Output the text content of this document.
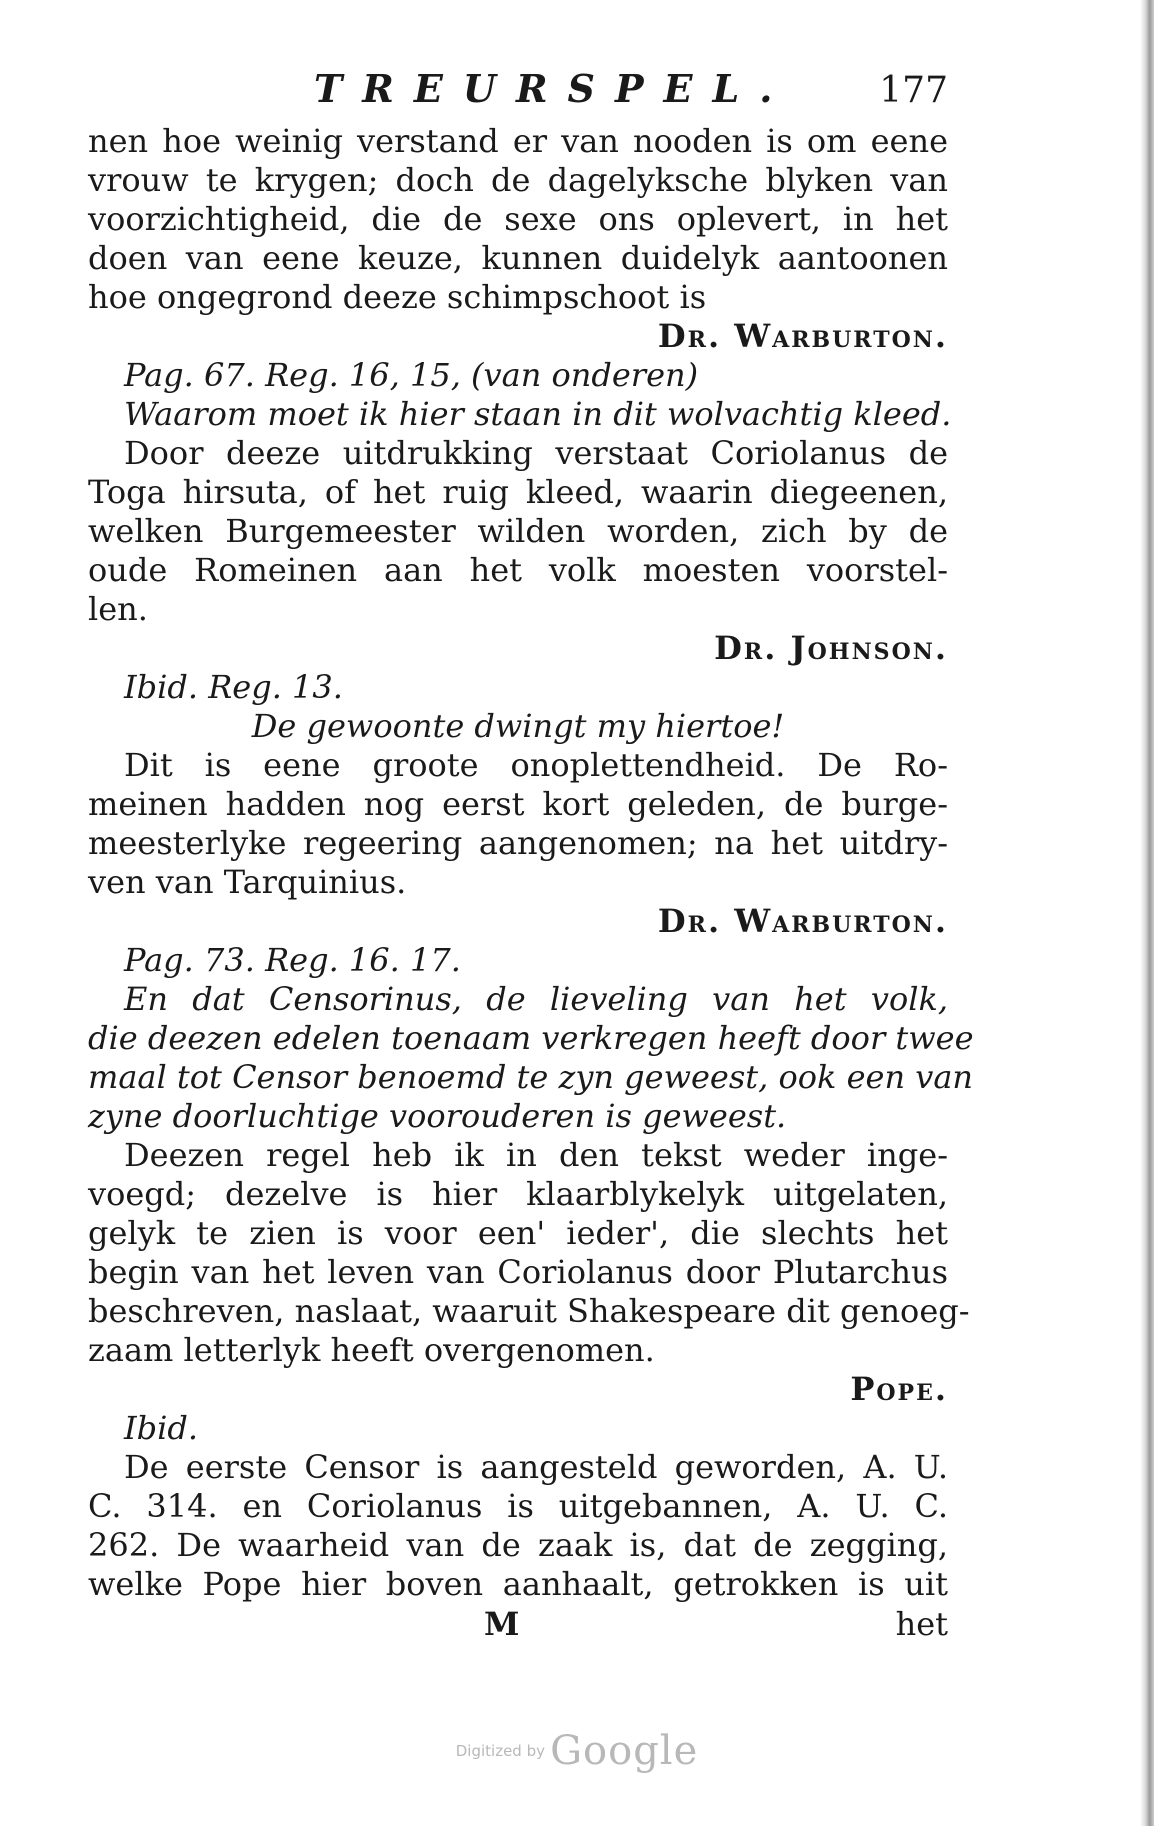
TREURSPEL. 177
nen hoe weinig verstand er van nooden is om eene
vrouw te krygen; doch de dagelyksche blyken van
voorzichtigheid, die de sexe ons oplevert, in het
doen van eene keuze, kunnen duidelyk aantoonen
hoe ongegrond deeze schimpschoot is
Dr. Warburton.
Pag. 67. Reg. 16, 15, (van onderen)
Waarom moet ik hier staan in dit wolvachtig kleed.
Door deeze uitdrukking verstaat Coriolanus de
Toga hirsuta, of het ruig kleed, waarin diegeenen,
welken Burgemeester wilden worden, zich by de
oude Romeinen aan het volk moesten voorstel-
len.
Dr. Johnson.
Ibid. Reg. 13.
De gewoonte dwingt my hiertoe!
Dit is eene groote onoplettendheid. De Ro-
meinen hadden nog eerst kort geleden, de burge-
meesterlyke regeering aangenomen; na het uitdry-
ven van Tarquinius.
Dr. Warburton.
Pag. 73. Reg. 16. 17.
En dat Censorinus, de lieveling van het volk,
die deezen edelen toenaam verkregen heeft door twee
maal tot Censor benoemd te zyn geweest, ook een van
zyne doorluchtige voorouderen is geweest.
Deezen regel heb ik in den tekst weder inge-
voegd; dezelve is hier klaarblykelyk uitgelaten,
gelyk te zien is voor een' ieder', die slechts het
begin van het leven van Coriolanus door Plutarchus
beschreven, naslaat, waaruit Shakespeare dit genoeg-
zaam letterlyk heeft overgenomen.
Pope.
Ibid.
De eerste Censor is aangesteld geworden, A. U.
C. 314. en Coriolanus is uitgebannen, A. U. C.
262. De waarheid van de zaak is, dat de zegging,
welke Pope hier boven aanhaalt, getrokken is uit
M	het
Digitized by Google
